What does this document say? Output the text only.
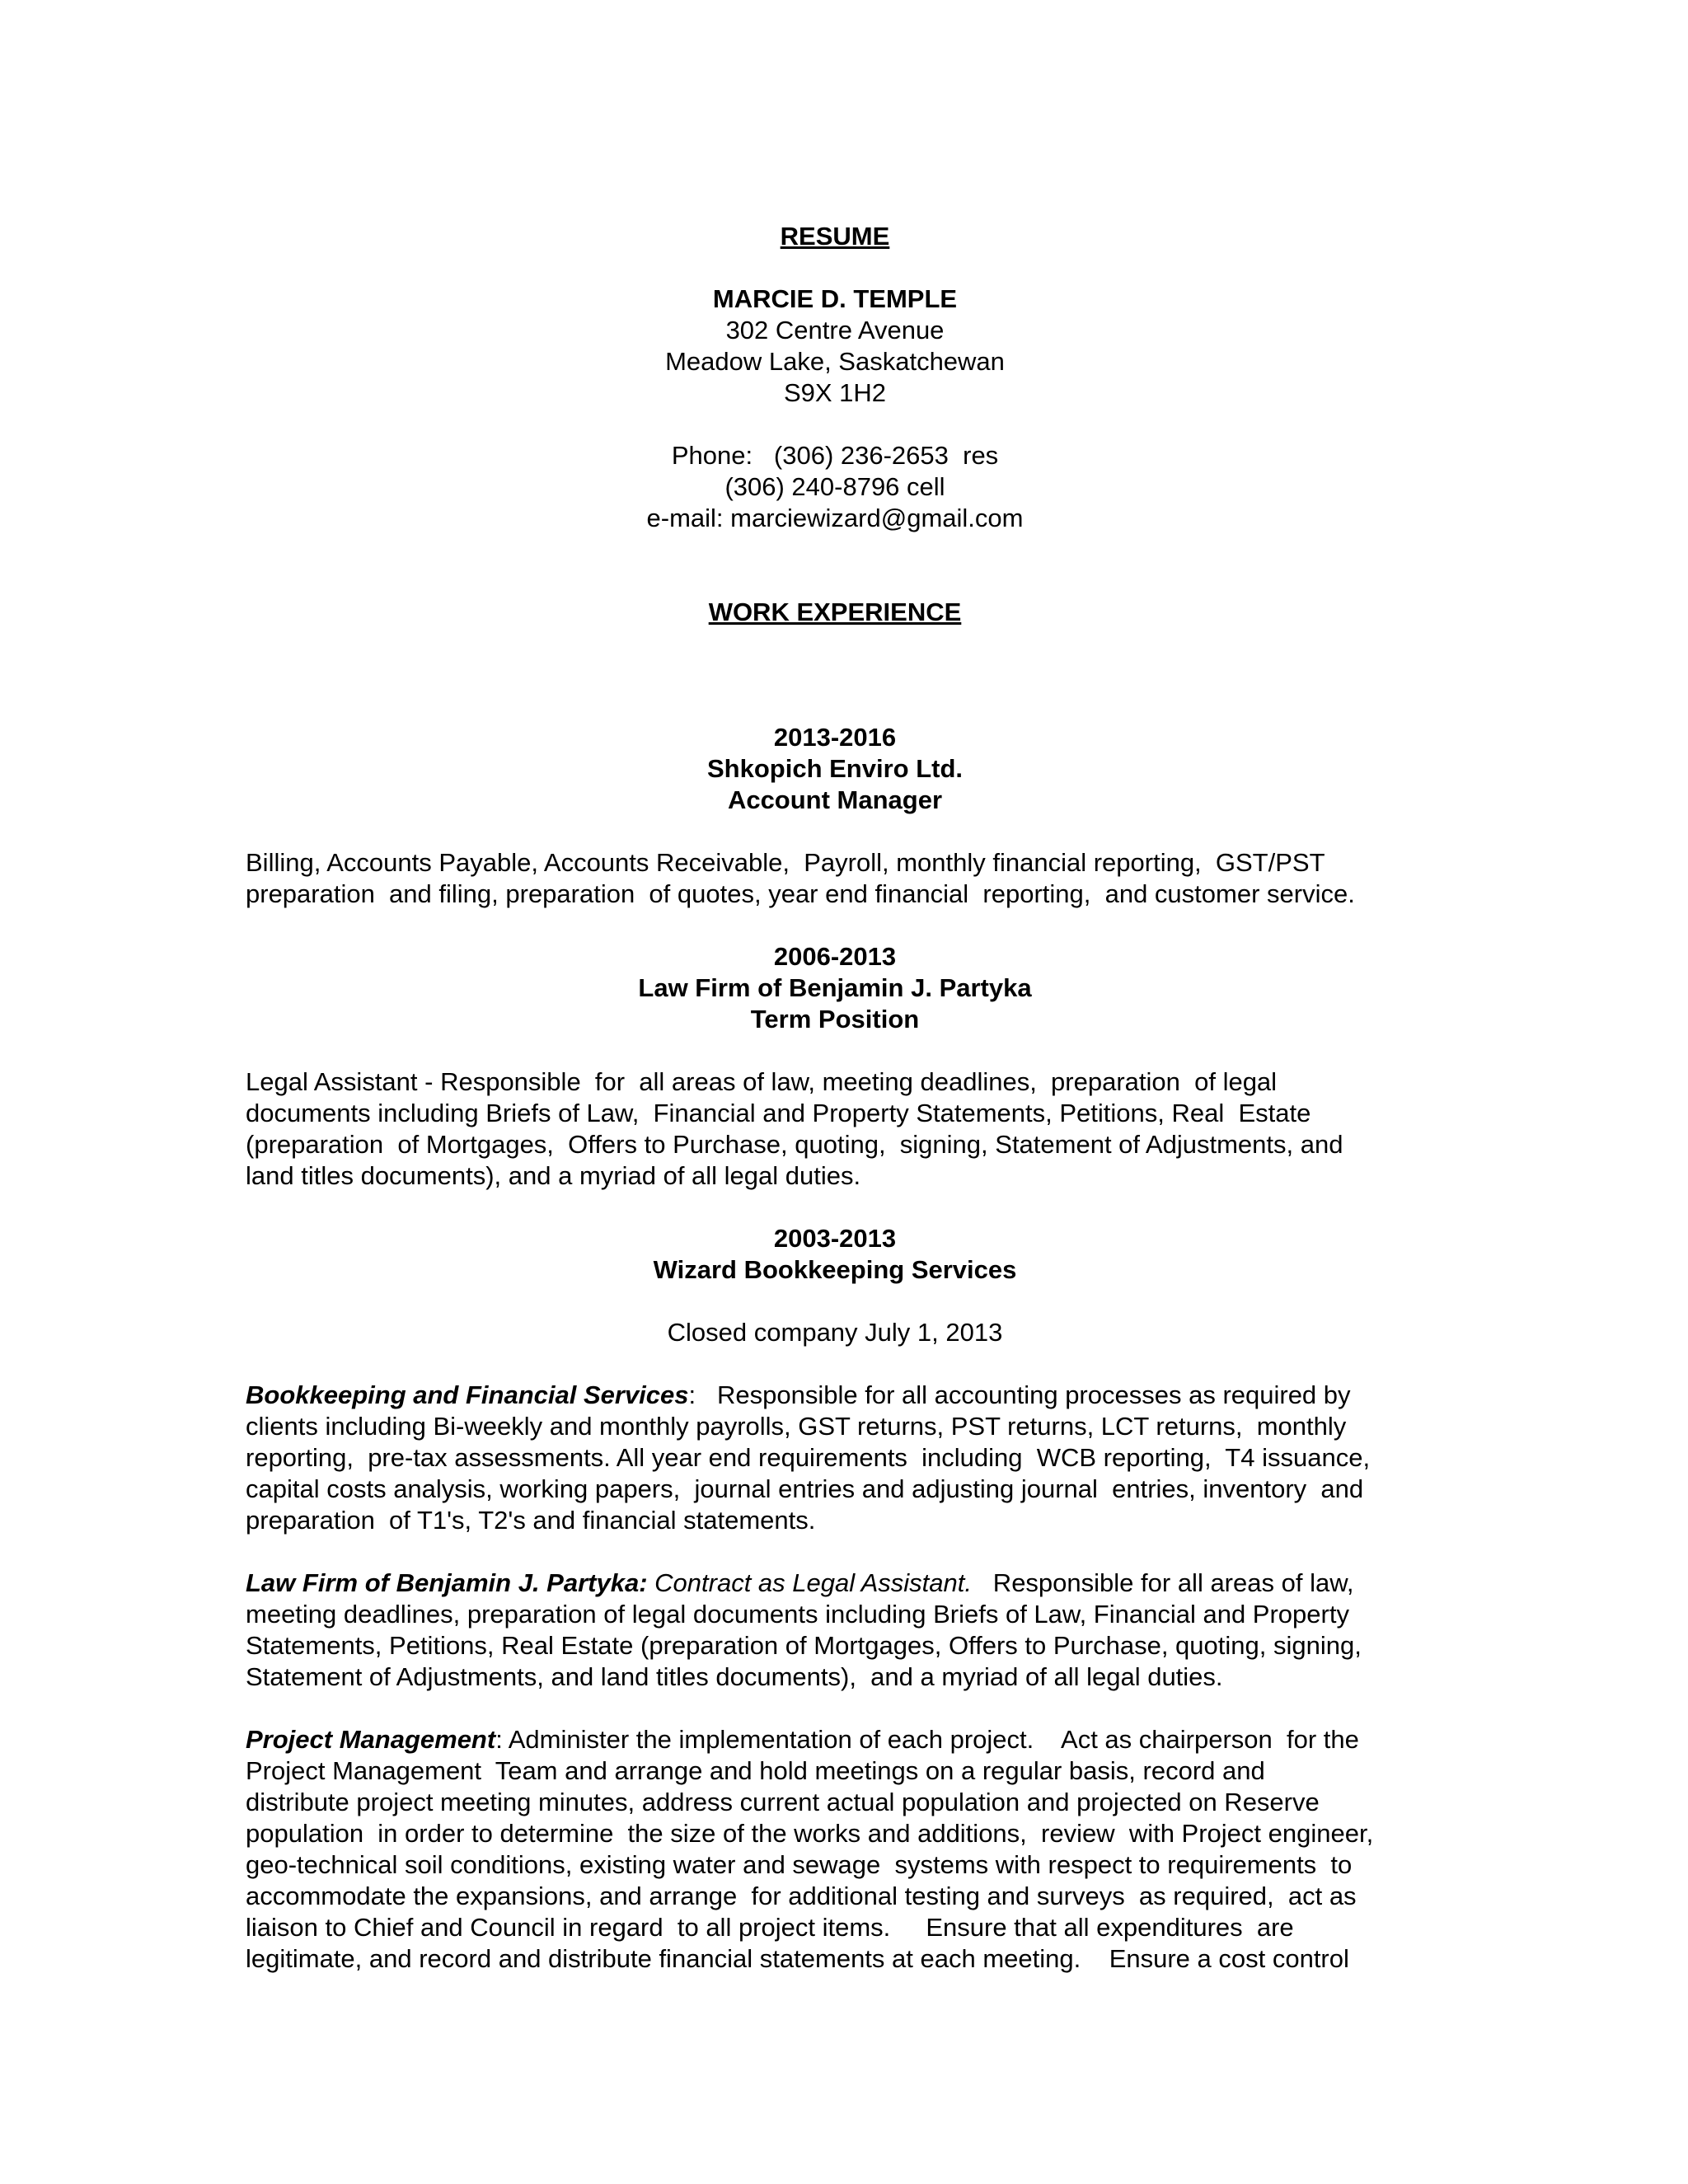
RESUME
MARCIE D. TEMPLE
302 Centre Avenue
Meadow Lake, Saskatchewan
S9X 1H2
Phone:   (306) 236-2653  res
(306) 240-8796 cell
e-mail: marciewizard@gmail.com
WORK EXPERIENCE
2013-2016
Shkopich Enviro Ltd.
Account Manager
Billing, Accounts Payable, Accounts Receivable,  Payroll, monthly financial reporting,  GST/PST
preparation  and filing, preparation  of quotes, year end financial  reporting,  and customer service.
2006-2013
Law Firm of Benjamin J. Partyka
Term Position
Legal Assistant - Responsible  for  all areas of law, meeting deadlines,  preparation  of legal
documents including Briefs of Law,  Financial and Property Statements, Petitions, Real  Estate
(preparation  of Mortgages,  Offers to Purchase, quoting,  signing, Statement of Adjustments, and
land titles documents), and a myriad of all legal duties.
2003-2013
Wizard Bookkeeping Services
Closed company July 1, 2013
Bookkeeping and Financial Services:   Responsible for all accounting processes as required by
clients including Bi-weekly and monthly payrolls, GST returns, PST returns, LCT returns,  monthly
reporting,  pre-tax assessments. All year end requirements  including  WCB reporting,  T4 issuance,
capital costs analysis, working papers,  journal entries and adjusting journal  entries, inventory  and
preparation  of T1's, T2's and financial statements.
Law Firm of Benjamin J. Partyka: Contract as Legal Assistant.   Responsible for all areas of law,
meeting deadlines, preparation of legal documents including Briefs of Law, Financial and Property
Statements, Petitions, Real Estate (preparation of Mortgages, Offers to Purchase, quoting, signing,
Statement of Adjustments, and land titles documents),  and a myriad of all legal duties.
Project Management: Administer the implementation of each project.    Act as chairperson  for the
Project Management  Team and arrange and hold meetings on a regular basis, record and
distribute project meeting minutes, address current actual population and projected on Reserve
population  in order to determine  the size of the works and additions,  review  with Project engineer,
geo-technical soil conditions, existing water and sewage  systems with respect to requirements  to
accommodate the expansions, and arrange  for additional testing and surveys  as required,  act as
liaison to Chief and Council in regard  to all project items.     Ensure that all expenditures  are
legitimate, and record and distribute financial statements at each meeting.    Ensure a cost control
